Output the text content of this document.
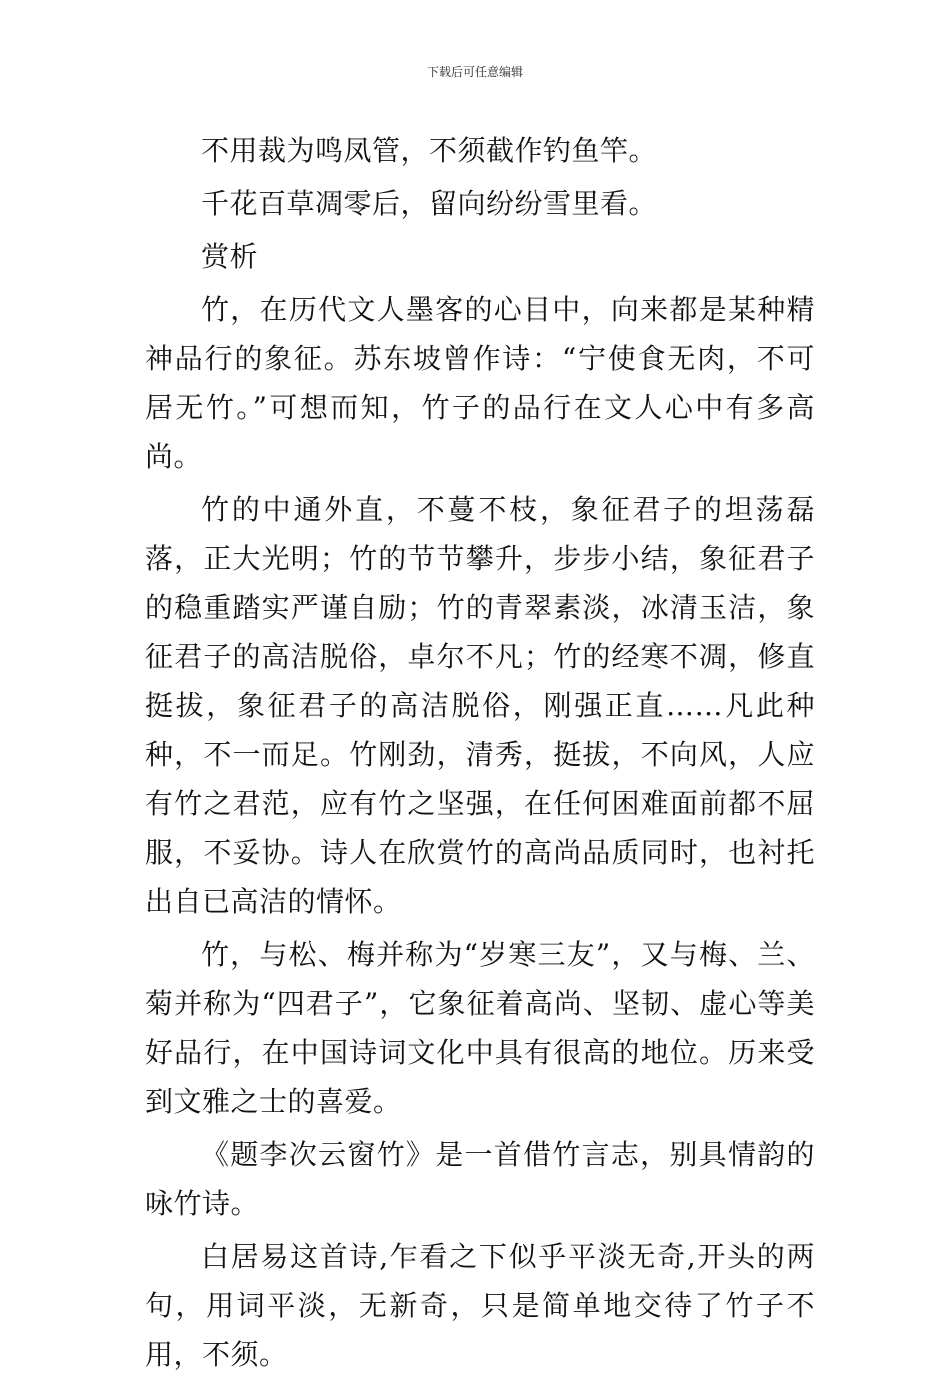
下载后可任意编辑
不用裁为鸣凤管，不须截作钓鱼竿。
千花百草凋零后，留向纷纷雪里看。
赏析

竹，在历代文人墨客的心目中，向来都是某种精神品行的象征。苏东坡曾作诗：“宁使食无肉，不可居无竹。”可想而知，竹子的品行在文人心中有多高尚。

竹的中通外直，不蔓不枝，象征君子的坦荡磊落，正大光明；竹的节节攀升，步步小结，象征君子的稳重踏实严谨自励；竹的青翠素淡，冰清玉洁，象征君子的高洁脱俗，卓尔不凡；竹的经寒不凋，修直挺拔，象征君子的高洁脱俗，刚强正直……凡此种种，不一而足。竹刚劲，清秀，挺拔，不向风，人应有竹之君范，应有竹之坚强，在任何困难面前都不屈服，不妥协。诗人在欣赏竹的高尚品质同时，也衬托出自已高洁的情怀。

竹，与松、梅并称为“岁寒三友”，又与梅、兰、菊并称为“四君子”，它象征着高尚、坚韧、虚心等美好品行，在中国诗词文化中具有很高的地位。历来受到文雅之士的喜爱。

《题李次云窗竹》是一首借竹言志，别具情韵的咏竹诗。

白居易这首诗,乍看之下似乎平淡无奇,开头的两句，用词平淡，无新奇，只是简单地交待了竹子不用，不须。
